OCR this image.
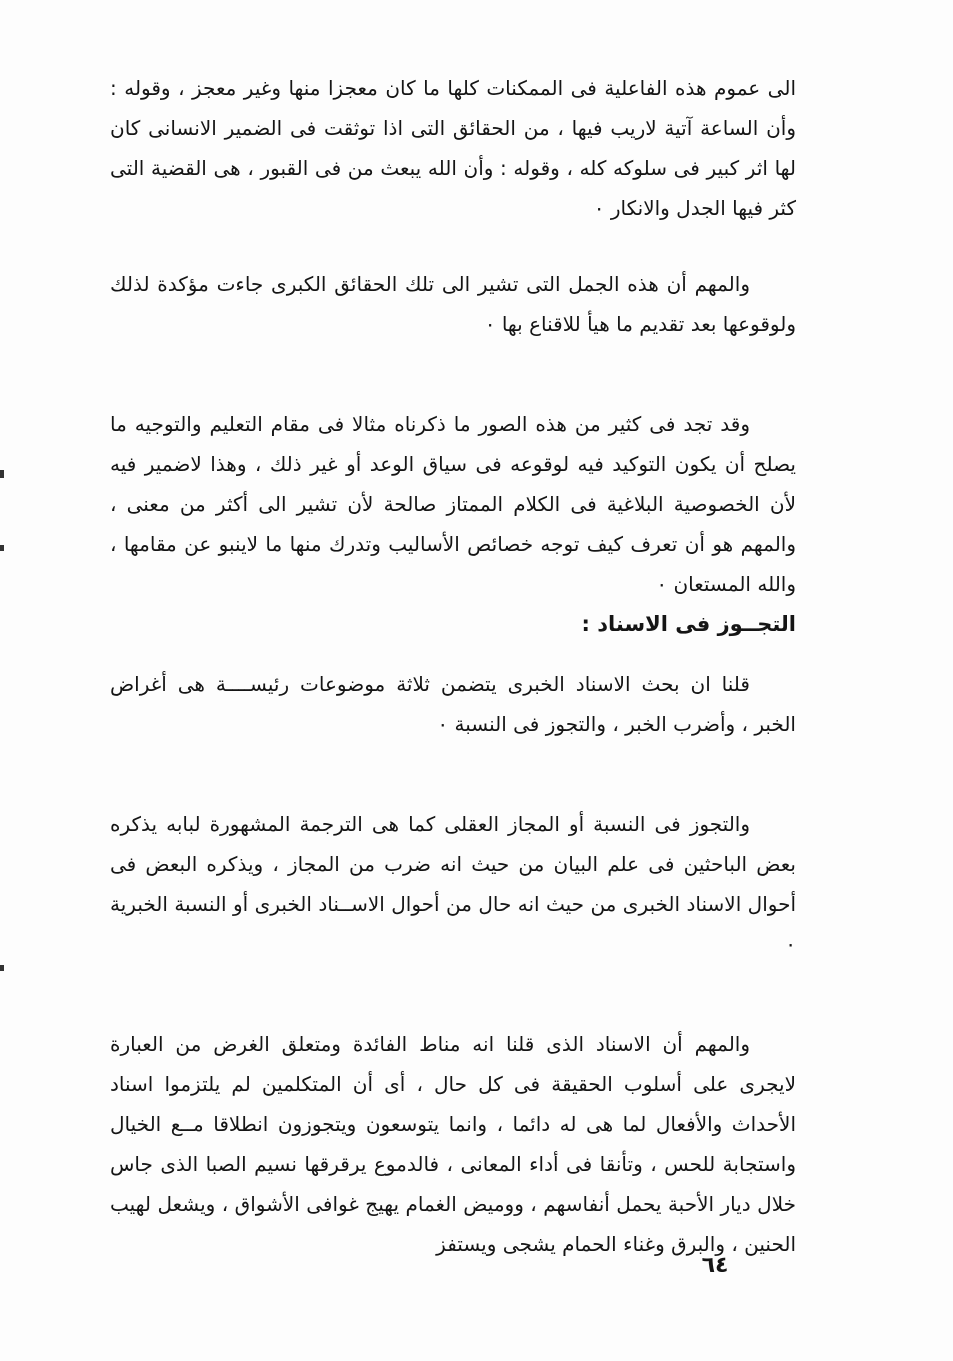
الى عموم هذه الفاعلية فى الممكنات كلها ما كان معجزا منها وغير معجز ، وقوله : وأن الساعة آتية لاريب فيها ، من الحقائق التى اذا توثقت فى الضمير الانسانى كان لها اثر كبير فى سلوكه كله ، وقوله : وأن الله يبعث من فى القبور ، هى القضية التى كثر فيها الجدل والانكار ٠

والمهم أن هذه الجمل التى تشير الى تلك الحقائق الكبرى جاءت مؤكدة لذلك ولوقوعها بعد تقديم ما هيأ للاقناع بها ٠

وقد تجد فى كثير من هذه الصور ما ذكرناه مثالا فى مقام التعليم والتوجيه ما يصلح أن يكون التوكيد فيه لوقوعه فى سياق الوعد أو غير ذلك ، وهذا لاضمير فيه لأن الخصوصية البلاغية فى الكلام الممتاز صالحة لأن تشير الى أكثر من معنى ، والمهم هو أن تعرف كيف توجه خصائص الأساليب وتدرك منها ما لاينبو عن مقامها ، والله المستعان ٠

التجــوز فى الاسناد :

قلنا ان بحث الاسناد الخبرى يتضمن ثلاثة موضوعات رئيســــة هى أغراض الخبر ، وأضرب الخبر ، والتجوز فى النسبة ٠

والتجوز فى النسبة أو المجاز العقلى كما هى الترجمة المشهورة لبابه يذكره بعض الباحثين فى علم البيان من حيث انه ضرب من المجاز ، ويذكره البعض فى أحوال الاسناد الخبرى من حيث انه حال من أحوال الاســناد الخبرى أو النسبة الخبرية ٠

والمهم أن الاسناد الذى قلنا انه مناط الفائدة ومتعلق الغرض من العبارة لايجرى على أسلوب الحقيقة فى كل حال ، أى أن المتكلمين لم يلتزموا اسناد الأحداث والأفعال لما هى له دائما ، وانما يتوسعون ويتجوزون انطلاقا مــع الخيال واستجابة للحس ، وتأنقا فى أداء المعانى ، فالدموع يرقرقها نسيم الصبا الذى جاس خلال ديار الأحبة يحمل أنفاسهم ، ووميض الغمام يهيج غوافى الأشواق ، ويشعل لهيب الحنين ، والبرق وغناء الحمام يشجى ويستفز

٦٤
